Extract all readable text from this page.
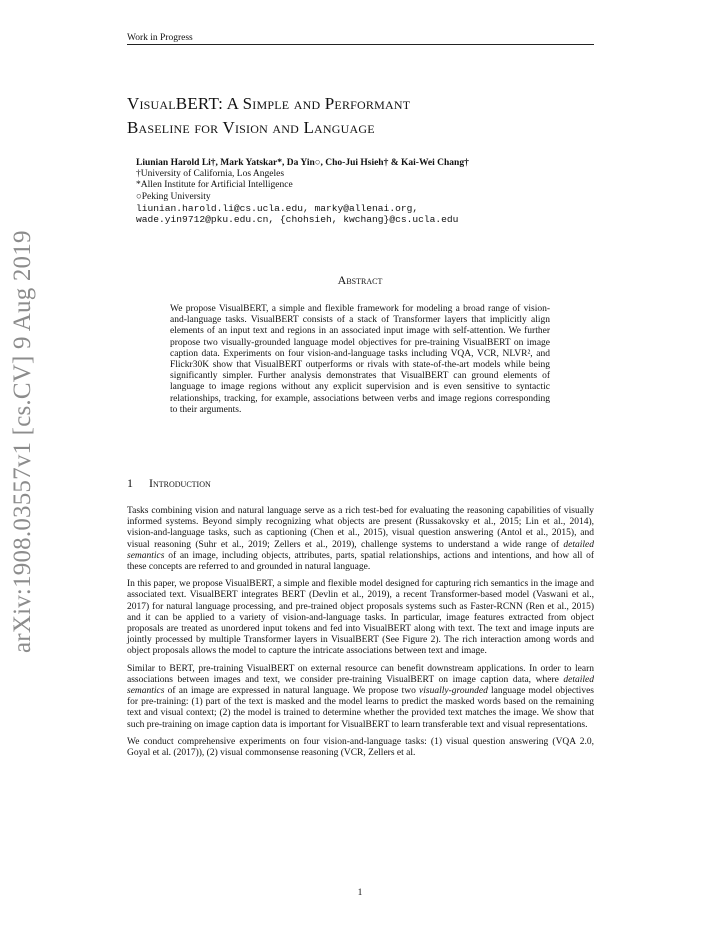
Work in Progress
arXiv:1908.03557v1 [cs.CV] 9 Aug 2019
VisualBERT: A Simple and Performant
Baseline for Vision and Language
Liunian Harold Li†, Mark Yatskar*, Da Yin○, Cho-Jui Hsieh† & Kai-Wei Chang†
†University of California, Los Angeles
*Allen Institute for Artificial Intelligence
○Peking University
liunian.harold.li@cs.ucla.edu, marky@allenai.org,
wade.yin9712@pku.edu.cn, {chohsieh, kwchang}@cs.ucla.edu
Abstract
We propose VisualBERT, a simple and flexible framework for modeling a broad range of vision-and-language tasks. VisualBERT consists of a stack of Transformer layers that implicitly align elements of an input text and regions in an associated input image with self-attention. We further propose two visually-grounded language model objectives for pre-training VisualBERT on image caption data. Experiments on four vision-and-language tasks including VQA, VCR, NLVR², and Flickr30K show that VisualBERT outperforms or rivals with state-of-the-art models while being significantly simpler. Further analysis demonstrates that VisualBERT can ground elements of language to image regions without any explicit supervision and is even sensitive to syntactic relationships, tracking, for example, associations between verbs and image regions corresponding to their arguments.
1 Introduction

Tasks combining vision and natural language serve as a rich test-bed for evaluating the reasoning capabilities of visually informed systems. Beyond simply recognizing what objects are present (Russakovsky et al., 2015; Lin et al., 2014), vision-and-language tasks, such as captioning (Chen et al., 2015), visual question answering (Antol et al., 2015), and visual reasoning (Suhr et al., 2019; Zellers et al., 2019), challenge systems to understand a wide range of detailed semantics of an image, including objects, attributes, parts, spatial relationships, actions and intentions, and how all of these concepts are referred to and grounded in natural language.

In this paper, we propose VisualBERT, a simple and flexible model designed for capturing rich semantics in the image and associated text. VisualBERT integrates BERT (Devlin et al., 2019), a recent Transformer-based model (Vaswani et al., 2017) for natural language processing, and pre-trained object proposals systems such as Faster-RCNN (Ren et al., 2015) and it can be applied to a variety of vision-and-language tasks. In particular, image features extracted from object proposals are treated as unordered input tokens and fed into VisualBERT along with text. The text and image inputs are jointly processed by multiple Transformer layers in VisualBERT (See Figure 2). The rich interaction among words and object proposals allows the model to capture the intricate associations between text and image.

Similar to BERT, pre-training VisualBERT on external resource can benefit downstream applications. In order to learn associations between images and text, we consider pre-training VisualBERT on image caption data, where detailed semantics of an image are expressed in natural language. We propose two visually-grounded language model objectives for pre-training: (1) part of the text is masked and the model learns to predict the masked words based on the remaining text and visual context; (2) the model is trained to determine whether the provided text matches the image. We show that such pre-training on image caption data is important for VisualBERT to learn transferable text and visual representations.

We conduct comprehensive experiments on four vision-and-language tasks: (1) visual question answering (VQA 2.0, Goyal et al. (2017)), (2) visual commonsense reasoning (VCR, Zellers et al.

1
